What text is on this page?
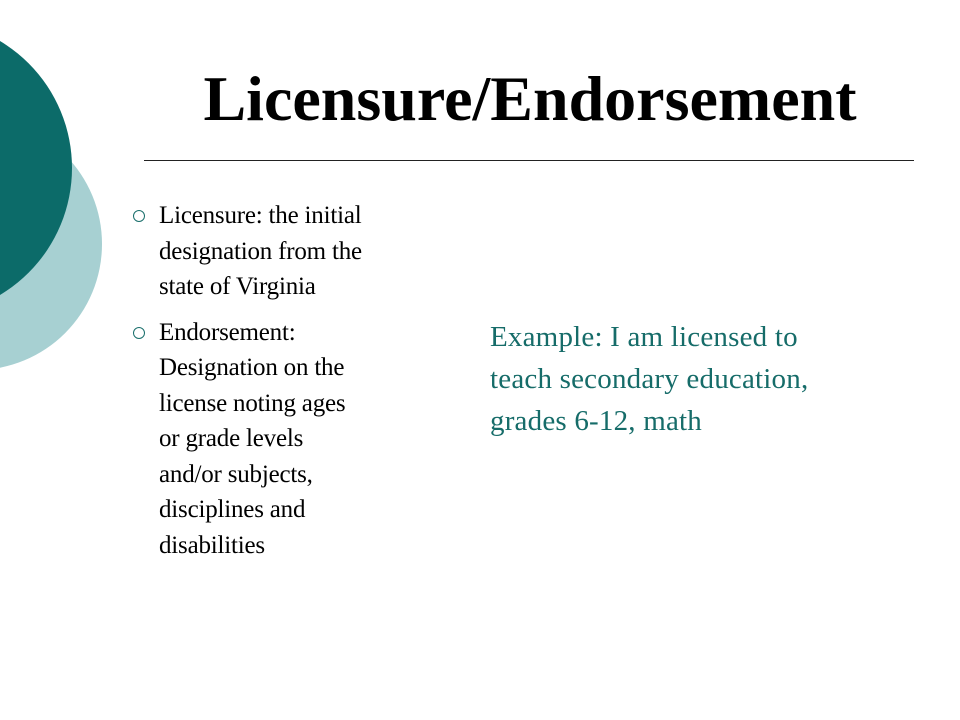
Licensure/Endorsement
Licensure: the initial
designation from the
state of Virginia
Endorsement:
Designation on the
license noting ages
or grade levels
and/or subjects,
disciplines and
disabilities

Example: I am licensed to
teach secondary education,
grades 6-12, math
